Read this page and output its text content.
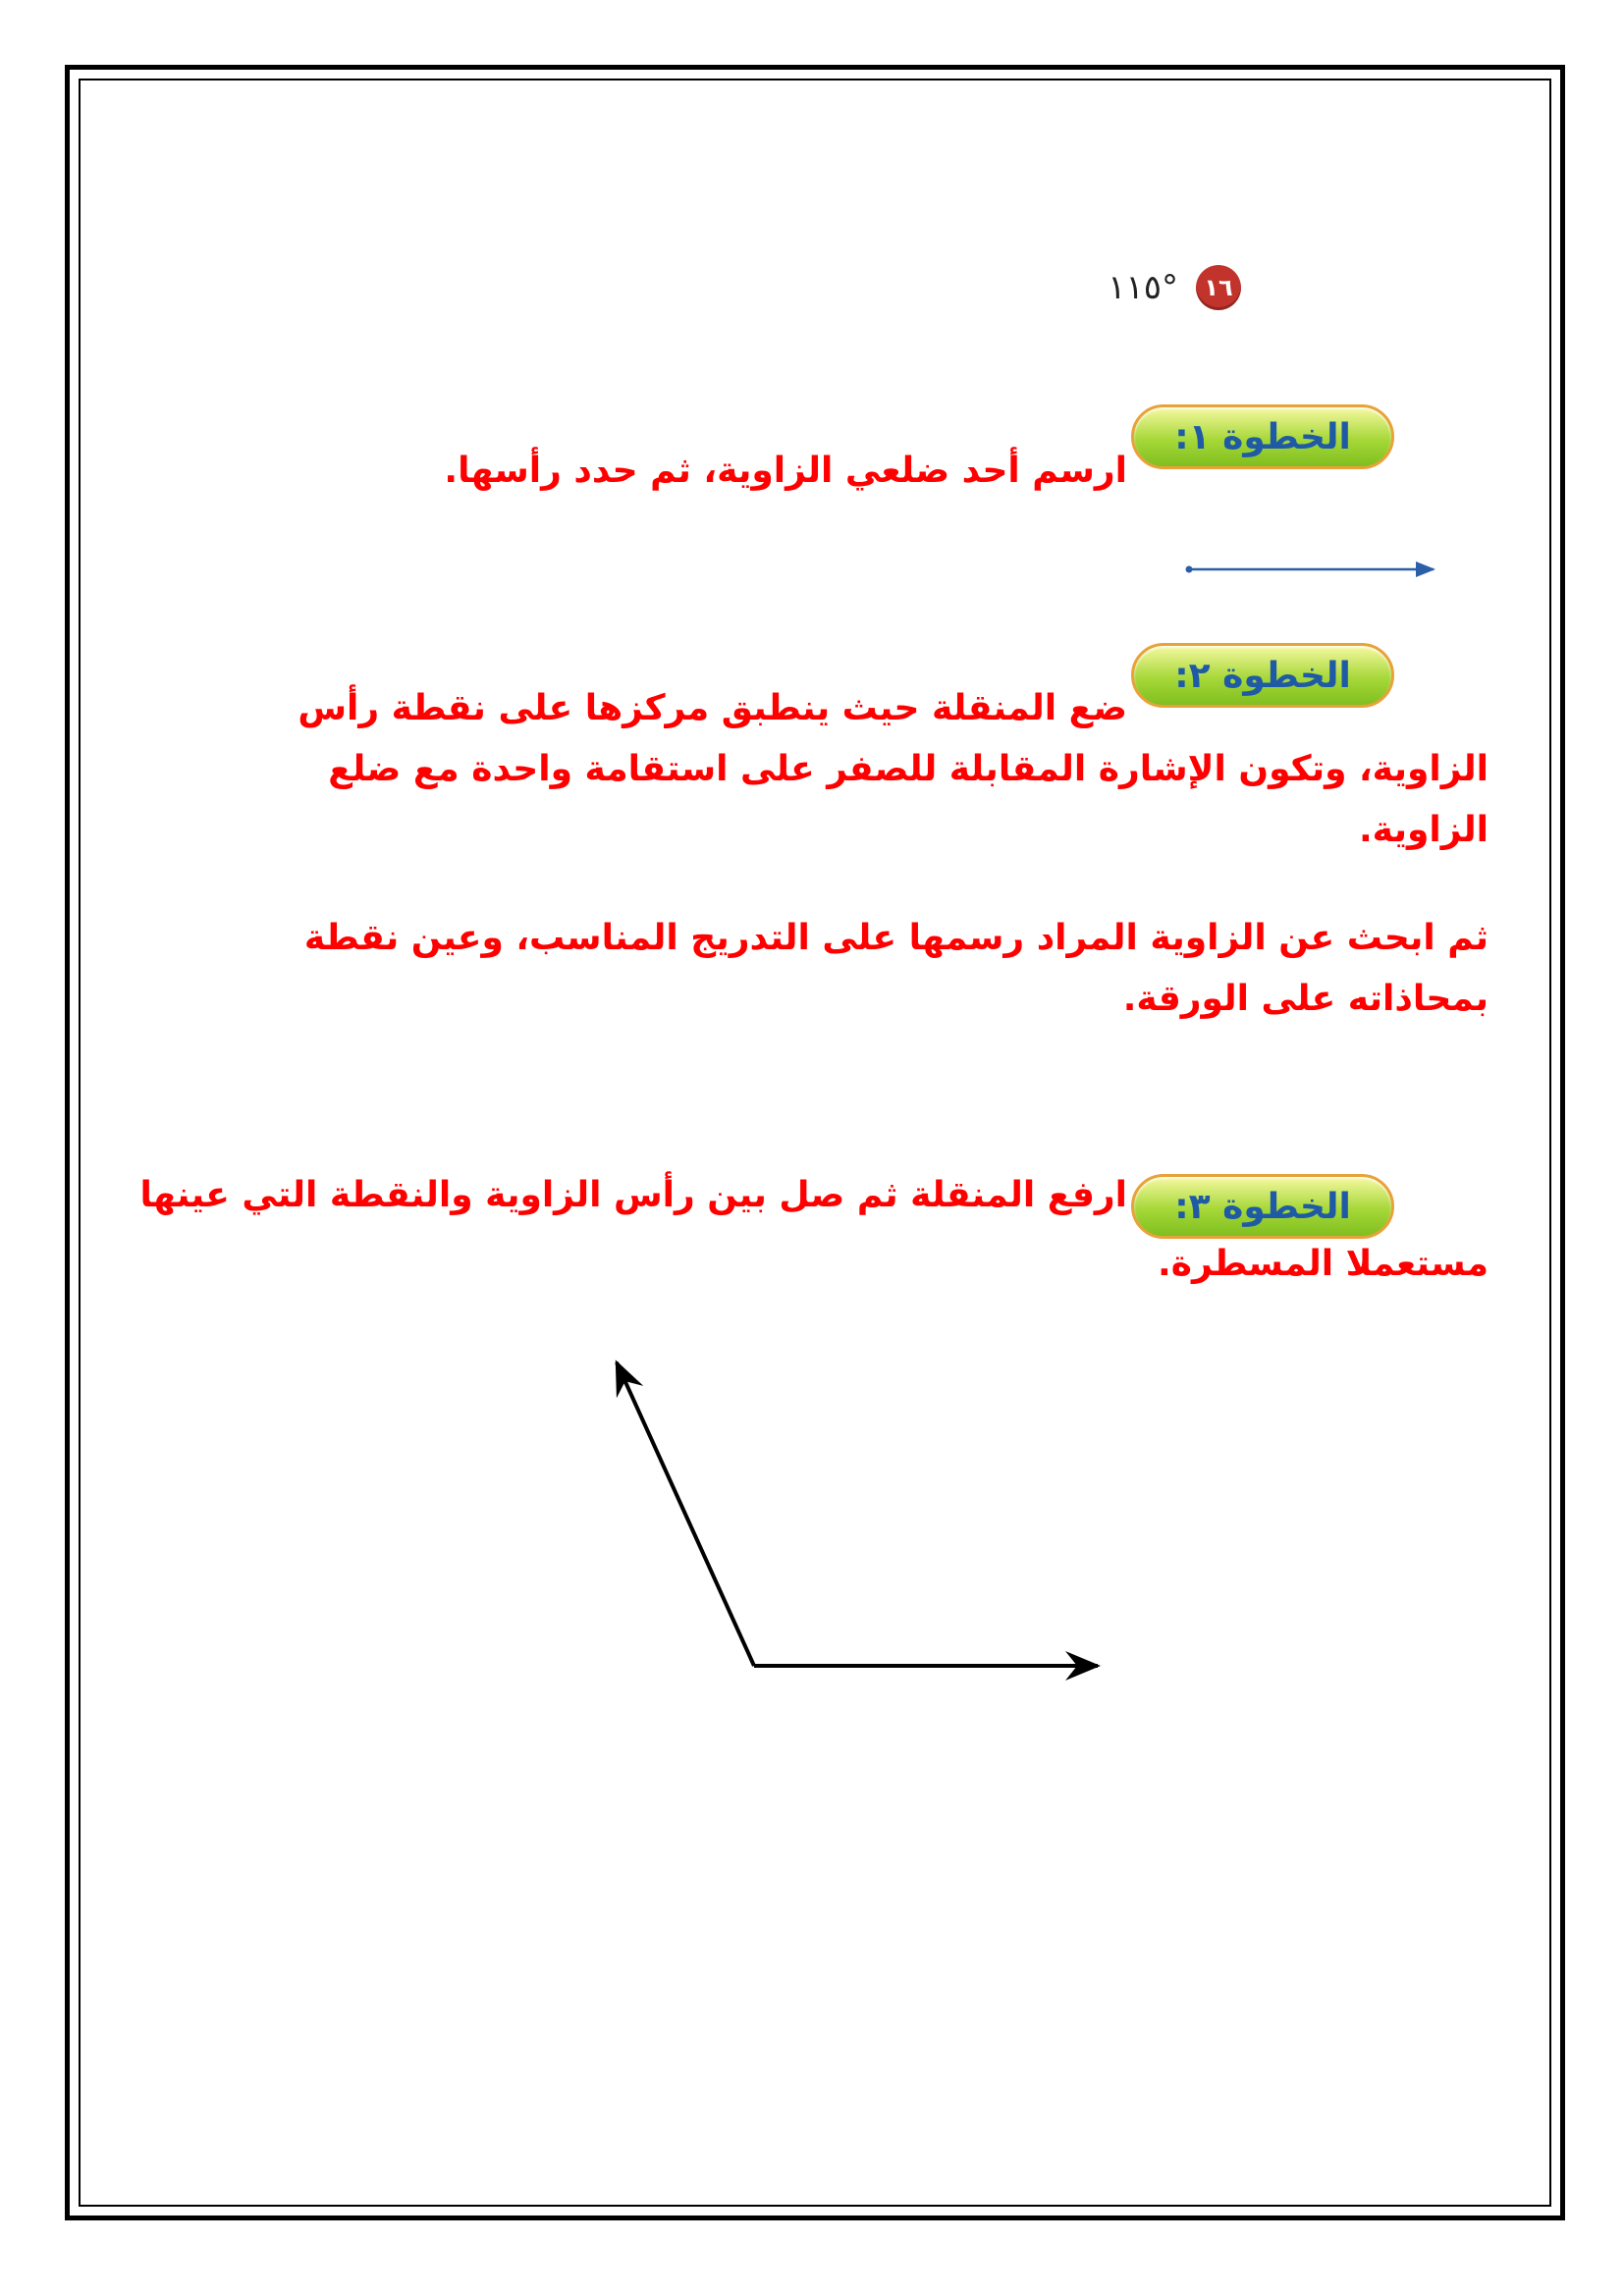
١٦
١١٥°
الخطوة ١:
ارسم أحد ضلعي الزاوية، ثم حدد رأسها.
الخطوة ٢:
ضع المنقلة حيث ينطبق مركزها على نقطة رأس
الزاوية، وتكون الإشارة المقابلة للصفر على استقامة واحدة مع ضلع
الزاوية.
ثم ابحث عن الزاوية المراد رسمها على التدريج المناسب، وعين نقطة
بمحاذاته على الورقة.
الخطوة ٣:
ارفع المنقلة ثم صل بين رأس الزاوية والنقطة التي عينها
مستعملا المسطرة.
